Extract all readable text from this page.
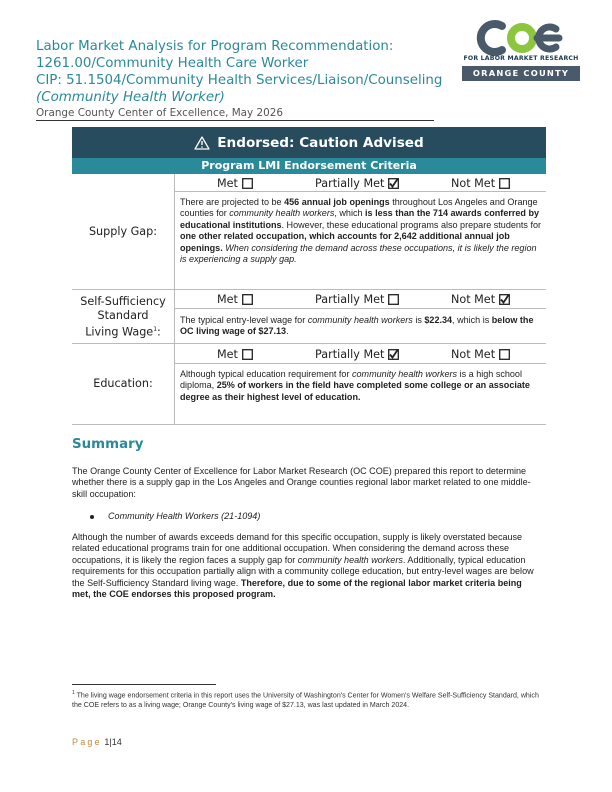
Labor Market Analysis for Program Recommendation:
1261.00/Community Health Care Worker
CIP: 51.1504/Community Health Services/Liaison/Counseling
(Community Health Worker)
Orange County Center of Excellence, May 2026
FOR LABOR MARKET RESEARCH
ORANGE COUNTY
Endorsed: Caution Advised
Program LMI Endorsement Criteria
Supply Gap:
Met	Partially Met	Not Met
There are projected to be 456 annual job openings throughout Los Angeles and Orange counties for community health workers, which is less than the 714 awards conferred by educational institutions. However, these educational programs also prepare students for one other related occupation, which accounts for 2,642 additional annual job openings. When considering the demand across these occupations, it is likely the region is experiencing a supply gap.
Self-Sufficiency
Standard
Living Wage$^1$:
Met	Partially Met	Not Met
The typical entry-level wage for community health workers is $22.34, which is below the OC living wage of $27.13.
Education:
Met	Partially Met	Not Met
Although typical education requirement for community health workers is a high school diploma, 25% of workers in the field have completed some college or an associate degree as their highest level of education.
Summary
The Orange County Center of Excellence for Labor Market Research (OC COE) prepared this report to determine whether there is a supply gap in the Los Angeles and Orange counties regional labor market related to one middle-skill occupation:
Community Health Workers (21-1094)
Although the number of awards exceeds demand for this specific occupation, supply is likely overstated because related educational programs train for one additional occupation. When considering the demand across these occupations, it is likely the region faces a supply gap for community health workers. Additionally, typical education requirements for this occupation partially align with a community college education, but entry-level wages are below the Self-Sufficiency Standard living wage. Therefore, due to some of the regional labor market criteria being met, the COE endorses this proposed program.
$^1$ The living wage endorsement criteria in this report uses the University of Washington's Center for Women's Welfare Self-Sufficiency Standard, which the COE refers to as a living wage; Orange County's living wage of $27.13, was last updated in March 2024.
Page 1|14
